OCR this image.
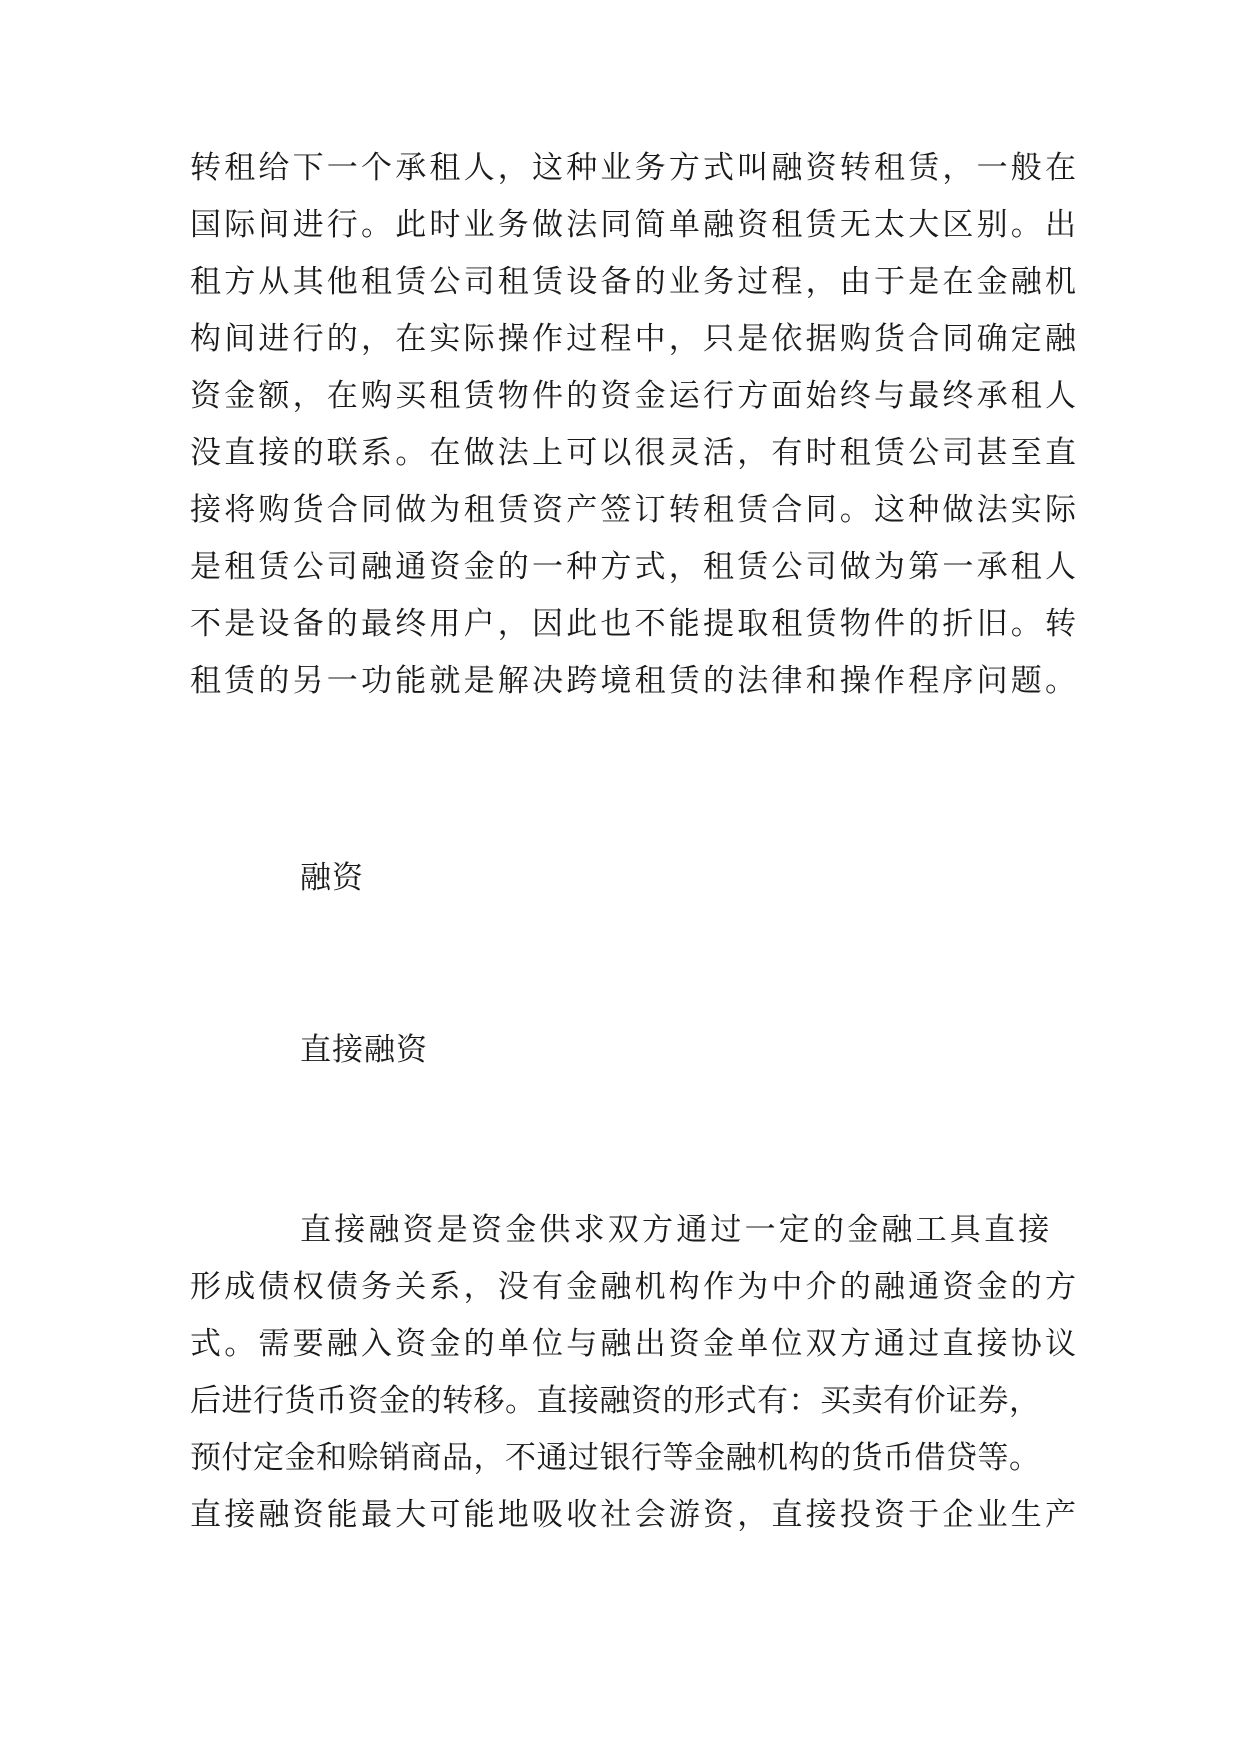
转租给下一个承租人，这种业务方式叫融资转租赁，一般在
国际间进行。此时业务做法同简单融资租赁无太大区别。出
租方从其他租赁公司租赁设备的业务过程，由于是在金融机
构间进行的，在实际操作过程中，只是依据购货合同确定融
资金额，在购买租赁物件的资金运行方面始终与最终承租人
没直接的联系。在做法上可以很灵活，有时租赁公司甚至直
接将购货合同做为租赁资产签订转租赁合同。这种做法实际
是租赁公司融通资金的一种方式，租赁公司做为第一承租人
不是设备的最终用户，因此也不能提取租赁物件的折旧。转
租赁的另一功能就是解决跨境租赁的法律和操作程序问题。
融资
直接融资
直接融资是资金供求双方通过一定的金融工具直接
形成债权债务关系，没有金融机构作为中介的融通资金的方
式。需要融入资金的单位与融出资金单位双方通过直接协议
后进行货币资金的转移。直接融资的形式有：买卖有价证券，
预付定金和赊销商品，不通过银行等金融机构的货币借贷等。
直接融资能最大可能地吸收社会游资，直接投资于企业生产
